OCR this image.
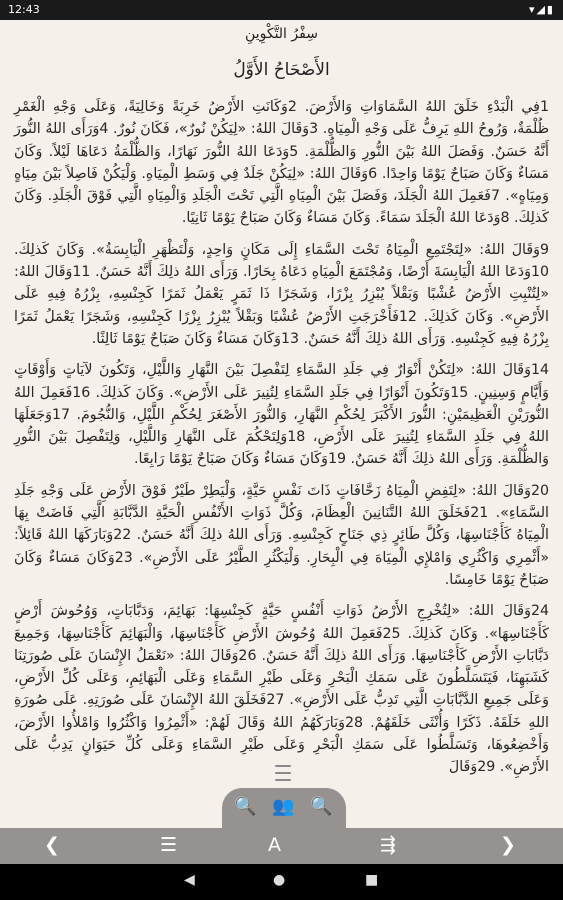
12:43	▾◢▮
سِفْرُ التَّكْوِينِ
الأَصْحَاحُ الأَوَّلُ

1فِي الْبَدْءِ خَلَقَ اللهُ السَّمَاوَاتِ وَالأَرْضَ. 2وَكَانَتِ الأَرْضُ خَرِبَةً وَخَالِيَةً، وَعَلَى وَجْهِ الْغَمْرِ ظُلْمَةٌ، وَرُوحُ اللهِ يَرِفُّ عَلَى وَجْهِ الْمِيَاهِ. 3وَقَالَ اللهُ: «لِيَكُنْ نُورٌ»، فَكَانَ نُورٌ. 4وَرَأَى اللهُ النُّورَ أَنَّهُ حَسَنٌ. وَفَصَلَ اللهُ بَيْنَ النُّورِ وَالظُّلْمَةِ. 5وَدَعَا اللهُ النُّورَ نَهَارًا، وَالظُّلْمَةُ دَعَاهَا لَيْلاً. وَكَانَ مَسَاءٌ وَكَانَ صَبَاحٌ يَوْمًا وَاحِدًا. 6وَقَالَ اللهُ: «لِيَكُنْ جَلَدٌ فِي وَسَطِ الْمِيَاهِ. وَلْيَكُنْ فَاصِلاً بَيْنَ مِيَاهٍ وَمِيَاهٍ». 7فَعَمِلَ اللهُ الْجَلَدَ، وَفَصَلَ بَيْنَ الْمِيَاهِ الَّتِي تَحْتَ الْجَلَدِ وَالْمِيَاهِ الَّتِي فَوْقَ الْجَلَدِ. وَكَانَ كَذلِكَ. 8وَدَعَا اللهُ الْجَلَدَ سَمَاءً. وَكَانَ مَسَاءٌ وَكَانَ صَبَاحٌ يَوْمًا ثَانِيًا.

9وَقَالَ اللهُ: «لِتَجْتَمِعِ الْمِيَاهُ تَحْتَ السَّمَاءِ إِلَى مَكَانٍ وَاحِدٍ، وَلْتَظْهَرِ الْيَابِسَةُ». وَكَانَ كَذلِكَ. 10وَدَعَا اللهُ الْيَابِسَةَ أَرْضًا، وَمُجْتَمَعَ الْمِيَاهِ دَعَاهُ بِحَارًا. وَرَأَى اللهُ ذلِكَ أَنَّهُ حَسَنٌ. 11وَقَالَ اللهُ: «لِتُنْبِتِ الأَرْضُ عُشْبًا وَبَقْلاً يُبْزِرُ بِزْرًا، وَشَجَرًا ذَا ثَمَرٍ يَعْمَلُ ثَمَرًا كَجِنْسِهِ، بِزْرُهُ فِيهِ عَلَى الأَرْضِ». وَكَانَ كَذلِكَ. 12فَأَخْرَجَتِ الأَرْضُ عُشْبًا وَبَقْلاً يُبْزِرُ بِزْرًا كَجِنْسِهِ، وَشَجَرًا يَعْمَلُ ثَمَرًا بِزْرُهُ فِيهِ كَجِنْسِهِ. وَرَأَى اللهُ ذلِكَ أَنَّهُ حَسَنٌ. 13وَكَانَ مَسَاءٌ وَكَانَ صَبَاحٌ يَوْمًا ثَالِثًا.

14وَقَالَ اللهُ: «لِتَكُنْ أَنْوَارٌ فِي جَلَدِ السَّمَاءِ لِتَفْصِلَ بَيْنَ النَّهَارِ وَاللَّيْلِ، وَتَكُونَ لآيَاتٍ وَأَوْقَاتٍ وَأَيَّامٍ وَسِنِينٍ. 15وَتَكُونَ أَنْوَارًا فِي جَلَدِ السَّمَاءِ لِتُنِيرَ عَلَى الأَرْضِ». وَكَانَ كَذلِكَ. 16فَعَمِلَ اللهُ النُّورَيْنِ الْعَظِيمَيْنِ: النُّورَ الأَكْبَرَ لِحُكْمِ النَّهَارِ، وَالنُّورَ الأَصْغَرَ لِحُكْمِ اللَّيْلِ، وَالنُّجُومَ. 17وَجَعَلَهَا اللهُ فِي جَلَدِ السَّمَاءِ لِتُنِيرَ عَلَى الأَرْضِ، 18وَلِتَحْكُمَ عَلَى النَّهَارِ وَاللَّيْلِ، وَلِتَفْصِلَ بَيْنَ النُّورِ وَالظُّلْمَةِ. وَرَأَى اللهُ ذلِكَ أَنَّهُ حَسَنٌ. 19وَكَانَ مَسَاءٌ وَكَانَ صَبَاحٌ يَوْمًا رَابِعًا.

20وَقَالَ اللهُ: «لِتَفِضِ الْمِيَاهُ زَحَّافَاتٍ ذَاتَ نَفْسٍ حَيَّةٍ، وَلْيَطِرْ طَيْرٌ فَوْقَ الأَرْضِ عَلَى وَجْهِ جَلَدِ السَّمَاءِ». 21فَخَلَقَ اللهُ التَّنَانِينَ الْعِظَامَ، وَكُلَّ ذَوَاتِ الأَنْفُسِ الْحَيَّةِ الدَّبَّابَةِ الَّتِي فَاضَتْ بِهَا الْمِيَاهُ كَأَجْنَاسِهَا، وَكُلَّ طَائِرٍ ذِي جَنَاحٍ كَجِنْسِهِ. وَرَأَى اللهُ ذلِكَ أَنَّهُ حَسَنٌ. 22وَبَارَكَهَا اللهُ قَائِلاً: «أَثْمِرِي وَاكْثُرِي وَامْلإِي الْمِيَاهَ فِي الْبِحَارِ. وَلْيَكْثُرِ الطَّيْرُ عَلَى الأَرْضِ». 23وَكَانَ مَسَاءٌ وَكَانَ صَبَاحٌ يَوْمًا خَامِسًا.

24وَقَالَ اللهُ: «لِتُخْرِجِ الأَرْضُ ذَوَاتِ أَنْفُسٍ حَيَّةٍ كَجِنْسِهَا: بَهَائِمَ، وَدَبَّابَاتٍ، وَوُحُوشَ أَرْضٍ كَأَجْنَاسِهَا». وَكَانَ كَذلِكَ. 25فَعَمِلَ اللهُ وُحُوشَ الأَرْضِ كَأَجْنَاسِهَا، وَالْبَهَائِمَ كَأَجْنَاسِهَا، وَجَمِيعَ دَبَّابَاتِ الأَرْضِ كَأَجْنَاسِهَا. وَرَأَى اللهُ ذلِكَ أَنَّهُ حَسَنٌ. 26وَقَالَ اللهُ: «نَعْمَلُ الإِنْسَانَ عَلَى صُورَتِنَا كَشَبَهِنَا، فَيَتَسَلَّطُونَ عَلَى سَمَكِ الْبَحْرِ وَعَلَى طَيْرِ السَّمَاءِ وَعَلَى الْبَهَائِمِ، وَعَلَى كُلِّ الأَرْضِ، وَعَلَى جَمِيعِ الدَّبَّابَاتِ الَّتِي تَدِبُّ عَلَى الأَرْضِ». 27فَخَلَقَ اللهُ الإِنْسَانَ عَلَى صُورَتِهِ. عَلَى صُورَةِ اللهِ خَلَقَهُ. ذَكَرًا وَأُنْثَى خَلَقَهُمْ. 28وَبَارَكَهُمُ اللهُ وَقَالَ لَهُمْ: «أَثْمِرُوا وَاكْثُرُوا وَامْلأُوا الأَرْضَ، وَأَخْضِعُوهَا، وَتَسَلَّطُوا عَلَى سَمَكِ الْبَحْرِ وَعَلَى طَيْرِ السَّمَاءِ وَعَلَى كُلِّ حَيَوَانٍ يَدِبُّ عَلَى الأَرْضِ». 29وَقَالَ

🔍 👥 🔍
❮	☰	A	⇶	❯
◀	●	■
